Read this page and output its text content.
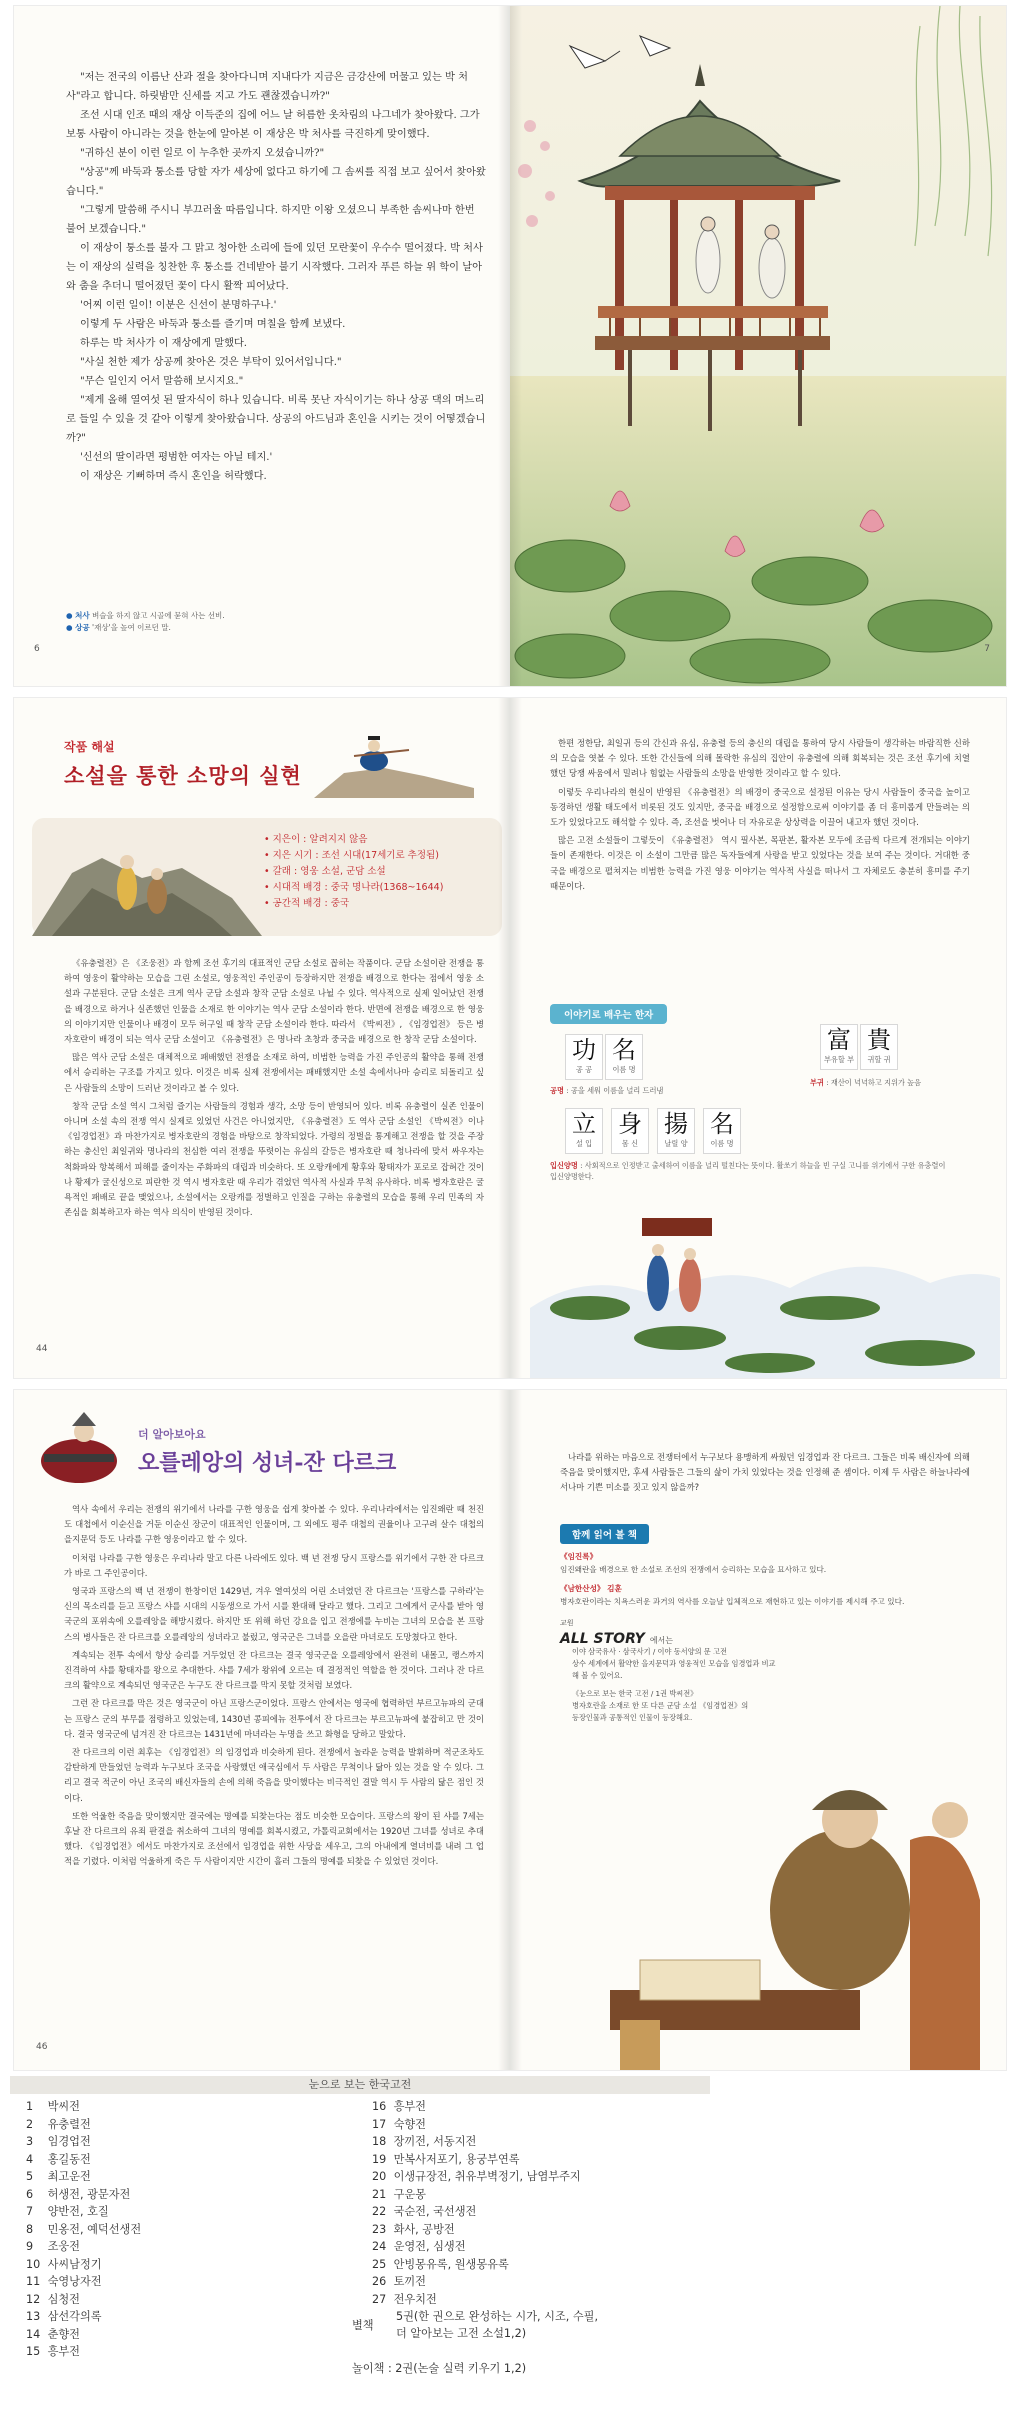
"저는 전국의 이름난 산과 절을 찾아다니며 지내다가 지금은 금강산에 머물고 있는 박 처사"라고 합니다. 하릿밤만 신세를 지고 가도 괜찮겠습니까?"

조선 시대 인조 때의 재상 이득준의 집에 어느 날 허름한 옷차림의 나그네가 찾아왔다. 그가 보통 사람이 아니라는 것을 한눈에 알아본 이 재상은 박 처사를 극진하게 맞이했다.

"귀하신 분이 이런 일로 이 누추한 곳까지 오셨습니까?"

"상공"께 바둑과 퉁소를 당할 자가 세상에 없다고 하기에 그 솜씨를 직접 보고 싶어서 찾아왔습니다."

"그렇게 말씀해 주시니 부끄러울 따름입니다. 하지만 이왕 오셨으니 부족한 솜씨나마 한번 불어 보겠습니다."

이 재상이 퉁소를 불자 그 맑고 청아한 소리에 들에 있던 모란꽃이 우수수 떨어졌다. 박 처사는 이 재상의 실력을 칭찬한 후 퉁소를 건네받아 불기 시작했다. 그러자 푸른 하늘 위 학이 날아와 춤을 추더니 떨어졌던 꽃이 다시 활짝 피어났다.

'어찌 이런 일이! 이분은 신선이 분명하구나.'

이렇게 두 사람은 바둑과 퉁소를 즐기며 며칠을 함께 보냈다.

하루는 박 처사가 이 재상에게 말했다.

"사실 천한 제가 상공께 찾아온 것은 부탁이 있어서입니다."

"무슨 일인지 어서 말씀해 보시지요."

"제게 올해 열여섯 된 딸자식이 하나 있습니다. 비록 못난 자식이기는 하나 상공 댁의 며느리로 들일 수 있을 것 같아 이렇게 찾아왔습니다. 상공의 아드님과 혼인을 시키는 것이 어떻겠습니까?"

'신선의 딸이라면 평범한 여자는 아닐 테지.'

이 재상은 기뻐하며 즉시 혼인을 허락했다.

● 처사 벼슬을 하지 않고 시골에 묻혀 사는 선비.
● 상공 '재상'을 높여 이르던 말.
6	7
작품 해설
소설을 통한 소망의 실현
• 지은이 : 알려지지 않음
• 지은 시기 : 조선 시대(17세기로 추정됨)
• 갈래 : 영웅 소설, 군담 소설
• 시대적 배경 : 중국 명나라(1368~1644)
• 공간적 배경 : 중국

《유충렬전》은 《조웅전》과 함께 조선 후기의 대표적인 군담 소설로 꼽히는 작품이다. 군담 소설이란 전쟁을 통하여 영웅이 활약하는 모습을 그린 소설로, 영웅적인 주인공이 등장하지만 전쟁을 배경으로 한다는 점에서 영웅 소설과 구분된다. 군담 소설은 크게 역사 군담 소설과 창작 군담 소설로 나뉠 수 있다. 역사적으로 실제 일어났던 전쟁을 배경으로 하거나 실존했던 인물을 소재로 한 이야기는 역사 군담 소설이라 한다. 반면에 전쟁을 배경으로 한 영웅의 이야기지만 인물이나 배경이 모두 허구일 때 창작 군담 소설이라 한다. 따라서 《박씨전》, 《임경업전》 등은 병자호란이 배경이 되는 역사 군담 소설이고 《유충렬전》은 명나라 초창과 중국을 배경으로 한 창작 군담 소설이다.

많은 역사 군담 소설은 대체적으로 패배했던 전쟁을 소재로 하여, 비범한 능력을 가진 주인공의 활약을 통해 전쟁에서 승리하는 구조를 가지고 있다. 이것은 비록 실제 전쟁에서는 패배했지만 소설 속에서나마 승리로 되돌리고 싶은 사람들의 소망이 드러난 것이라고 볼 수 있다.

창작 군담 소설 역시 그처럼 즐기는 사람들의 경험과 생각, 소망 등이 반영되어 있다. 비록 유충렬이 실존 인물이 아니며 소설 속의 전쟁 역시 실제로 있었던 사건은 아니었지만, 《유충렬전》도 역사 군담 소설인 《박씨전》이나 《임경업전》과 마찬가지로 병자호란의 경험을 바탕으로 창작되었다. 가령의 정벌을 통게해고 전쟁을 할 것을 주장하는 충신인 최일귀와 명나라의 천심한 여러 전쟁을 뚜렷이는 유심의 갈등은 병자호란 때 청나라에 맞서 싸우자는 척화파와 항복해서 피해를 줄이자는 주화파의 대립과 비슷하다. 또 오랑캐에게 황후와 황태자가 포로로 잡혀간 것이나 황제가 굴신성으로 피란한 것 역시 병자호란 때 우리가 겪었던 역사적 사실과 무척 유사하다. 비록 병자호란은 굴욕적인 패배로 끝을 맺었으나, 소설에서는 오랑캐를 정벌하고 인질을 구하는 유충렬의 모습을 통해 우리 민족의 자존심을 회복하고자 하는 역사 의식이 반영된 것이다.

44

한편 정한담, 최일귀 등의 간신과 유심, 유충렬 등의 충신의 대립을 통하여 당시 사람들이 생각하는 바람직한 신하의 모습을 엿볼 수 있다. 또한 간신들에 의해 몰락한 유심의 집안이 유충렬에 의해 회복되는 것은 조선 후기에 치열했던 당쟁 싸움에서 밀려나 힘없는 사람들의 소망을 반영한 것이라고 할 수 있다.

이렇듯 우리나라의 현실이 반영된 《유충렬전》의 배경이 중국으로 설정된 이유는 당시 사람들이 중국을 높이고 동경하던 생활 태도에서 비롯된 것도 있지만, 중국을 배경으로 설정함으로써 이야기를 좀 더 흥미롭게 만들려는 의도가 있었다고도 해석할 수 있다. 즉, 조선을 벗어나 더 자유로운 상상력을 이끌어 내고자 했던 것이다.

많은 고전 소설들이 그렇듯이 《유충렬전》 역시 필사본, 목판본, 활자본 모두에 조금씩 다르게 전개되는 이야기들이 존재한다. 이것은 이 소설이 그만큼 많은 독자들에게 사랑을 받고 있었다는 것을 보여 주는 것이다. 거대한 중국을 배경으로 펼쳐지는 비범한 능력을 가진 영웅 이야기는 역사적 사실을 떠나서 그 자체로도 충분히 흥미를 주기 때문이다.

이야기로 배우는 한자
功
공 공
名
이름 명
공명 : 공을 세워 이름을 널리 드러냄
富
부유할 부
貴
귀할 귀
부귀 : 재산이 넉넉하고 지위가 높음
立
설 입
身
몸 신
揚
날릴 양
名
이름 명
입신양명 : 사회적으로 인정받고 출세하여 이름을 널리 떨친다는 뜻이다. 활쏘기 하늘을 빈 구실 고니를 위기에서 구한 유충렬이 입신양명한다.
더 알아보아요
오를레앙의 성녀-잔 다르크

역사 속에서 우리는 전쟁의 위기에서 나라를 구한 영웅을 쉽게 찾아볼 수 있다. 우리나라에서는 임진왜란 때 천진도 대첩에서 이순신을 거둔 이순신 장군이 대표적인 인물이며, 그 외에도 평주 대첩의 권율이나 고구려 살수 대첩의 을지문덕 등도 나라를 구한 영웅이라고 할 수 있다.

이처럼 나라를 구한 영웅은 우리나라 말고 다른 나라에도 있다. 백 년 전쟁 당시 프랑스를 위기에서 구한 잔 다르크가 바로 그 주인공이다.

영국과 프랑스의 백 년 전쟁이 한창이던 1429년, 겨우 열여섯의 어린 소녀였던 잔 다르크는 '프랑스를 구하라'는 신의 목소리를 듣고 프랑스 샤를 시대의 시동생으로 가서 시를 환대해 달라고 했다. 그리고 그에게서 군사를 받아 영국군의 포위속에 오를레앙을 해방시켰다. 하지만 또 위해 하던 강요을 입고 전쟁에를 누비는 그녀의 모습을 본 프랑스의 병사들은 잔 다르크를 오를레앙의 성녀라고 불렀고, 영국군은 그녀를 오을란 마녀로도 도망쳤다고 한다.

계속되는 전투 속에서 항상 승리를 거두었던 잔 다르크는 결국 영국군을 오를레앙에서 완전히 내몰고, 랭스까지 진격하여 샤를 황태자를 왕으로 추대한다. 샤를 7세가 왕위에 오르는 데 결정적인 역할을 한 것이다. 그러나 잔 다르크의 활약으로 계속되던 영국군은 누구도 잔 다르크를 막지 못할 것처럼 보였다.

그런 잔 다르크를 막은 것은 영국군이 아닌 프랑스군이었다. 프랑스 안에서는 영국에 협력하던 부르고뉴파의 군대는 프랑스 군의 부무를 점령하고 있었는데, 1430년 콩피에뉴 전투에서 잔 다르크는 부르고뉴파에 붙잡히고 만 것이다. 결국 영국군에 넘겨진 잔 다르크는 1431년에 마녀라는 누명을 쓰고 화형을 당하고 말았다.

잔 다르크의 이런 최후는 《임경업전》의 임경업과 비슷하게 된다. 전쟁에서 놀라운 능력을 발휘하며 적군조차도 감탄하게 만들었던 능력과 누구보다 조국을 사랑했던 애국심에서 두 사람은 무척이나 닮아 있는 것을 알 수 있다. 그리고 결국 적군이 아닌 조국의 배신자들의 손에 의해 죽음을 맞이했다는 비극적인 결말 역시 두 사람의 닮은 점인 것이다.

또한 억울한 죽음을 맞이했지만 결국에는 명예를 되찾는다는 점도 비슷한 모습이다. 프랑스의 왕이 된 샤를 7세는 후날 잔 다르크의 유죄 판결을 취소하여 그녀의 명예를 회복시켰고, 가톨릭교회에서는 1920년 그녀를 성녀로 추대했다. 《임경업전》에서도 마찬가지로 조선에서 임경업을 위한 사당을 세우고, 그의 아내에게 열녀비를 내려 그 업적을 기렸다. 이처럼 억울하게 죽은 두 사람이지만 시간이 흘러 그들의 명예를 되찾을 수 있었던 것이다.

46

나라를 위하는 마음으로 전쟁터에서 누구보다 용맹하게 싸웠던 임경업과 잔 다르크. 그들은 비록 배신자에 의해 죽음을 맞이했지만, 후세 사람들은 그들의 삶이 가치 있었다는 것을 인정해 준 셈이다. 이제 두 사람은 하늘나라에서나마 기쁜 미소를 짓고 있지 않을까?

함께 읽어 볼 책
《임진록》
임진왜란을 배경으로 한 소설로 조선의 전쟁에서 승리하는 모습을 묘사하고 있다.
《남한산성》 김훈
병자호란이라는 치욕스러운 과거의 역사를 오늘날 입체적으로 재현하고 있는 이야기를 제시해 주고 있다.
교원
ALL STORY 에서는
이야 삼국유사 · 삼국사기 / 이야 동서양의 문 고전
상수 세계에서 활약한 을지문덕과 영웅적인 모습을 임경업과 비교
해 볼 수 있어요.
《눈으로 보는 한국 고전 / 1권 박씨전》
병자호란을 소재로 한 또 다른 군담 소설 《임경업전》의
등장인물과 공통적인 인물이 등장해요.
눈으로 보는 한국고전
1 박씨전
2 유충렬전
3 임경업전
4 홍길동전
5 최고운전
6 허생전, 광문자전
7 양반전, 호질
8 민옹전, 예덕선생전
9 조웅전
10 사씨남정기
11 숙영낭자전
12 심청전
13 삼선각의록
14 춘향전
15 흥부전
16 흥부전
17 숙향전
18 장끼전, 서동지전
19 만복사저포기, 용궁부연록
20 이생규장전, 취유부벽정기, 남염부주지
21 구운몽
22 국순전, 국선생전
23 화사, 공방전
24 운영전, 심생전
25 안빙몽유록, 원생몽유록
26 토끼전
27 전우치전
별책
5권(한 권으로 완성하는 시가, 시조, 수필,
더 알아보는 고전 소설1,2)
놀이책 : 2권(논술 실력 키우기 1,2)
